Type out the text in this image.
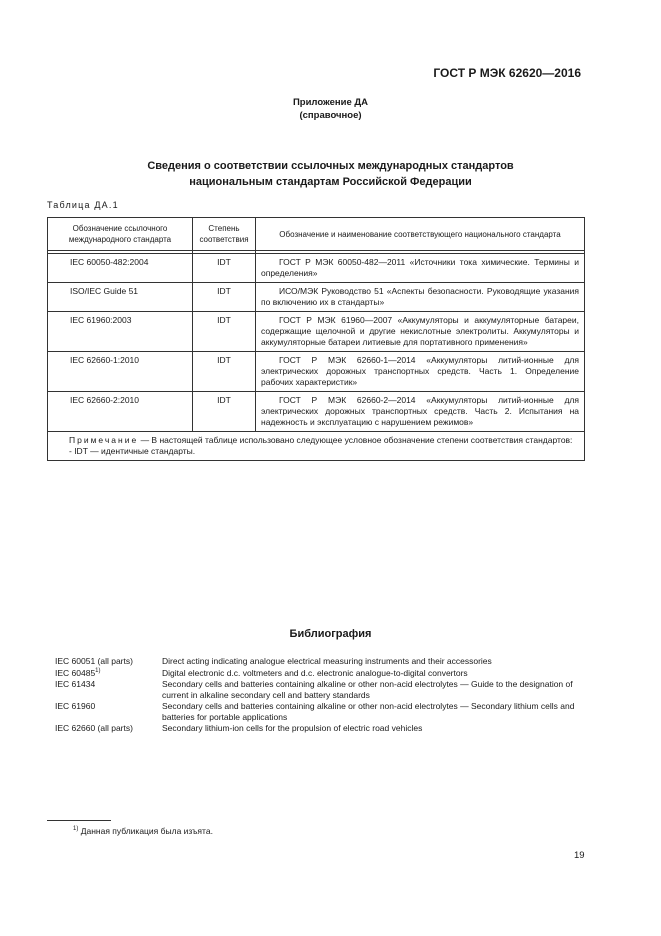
ГОСТ Р МЭК 62620—2016
Приложение ДА
(справочное)
Сведения о соответствии ссылочных международных стандартов
национальным стандартам Российской Федерации
Таблица ДА.1
Обозначение ссылочного международного стандарта	Степень соответствия	Обозначение и наименование соответствующего национального стандарта

IEC 60050-482:2004	IDT	ГОСТ Р МЭК 60050-482—2011 «Источники тока химические. Термины и определения»
ISO/IEC Guide 51	IDT	ИСО/МЭК Руководство 51 «Аспекты безопасности. Руководящие указания по включению их в стандарты»
IEC 61960:2003	IDT	ГОСТ Р МЭК 61960—2007 «Аккумуляторы и аккумуляторные батареи, содержащие щелочной и другие некислотные электролиты. Аккумуляторы и аккумуляторные батареи литиевые для портативного применения»
IEC 62660-1:2010	IDT	ГОСТ Р МЭК 62660-1—2014 «Аккумуляторы литий-ионные для электрических дорожных транспортных средств. Часть 1. Определение рабочих характеристик»
IEC 62660-2:2010	IDT	ГОСТ Р МЭК 62660-2—2014 «Аккумуляторы литий-ионные для электрических дорожных транспортных средств. Часть 2. Испытания на надежность и эксплуатацию с нарушением режимов»

Примечание — В настоящей таблице использовано следующее условное обозначение степени соответствия стандартов:
- IDT — идентичные стандарты.		
Библиография
IEC 60051 (all parts)	Direct acting indicating analogue electrical measuring instruments and their accessories
IEC 60485$^{1)}$	Digital electronic d.c. voltmeters and d.c. electronic analogue-to-digital convertors
IEC 61434	Secondary cells and batteries containing alkaline or other non-acid electrolytes — Guide to the designation of current in alkaline secondary cell and battery standards
IEC 61960	Secondary cells and batteries containing alkaline or other non-acid electrolytes — Secondary lithium cells and batteries for portable applications
IEC 62660 (all parts)	Secondary lithium-ion cells for the propulsion of electric road vehicles
$^{1)}$ Данная публикация была изъята.
19
